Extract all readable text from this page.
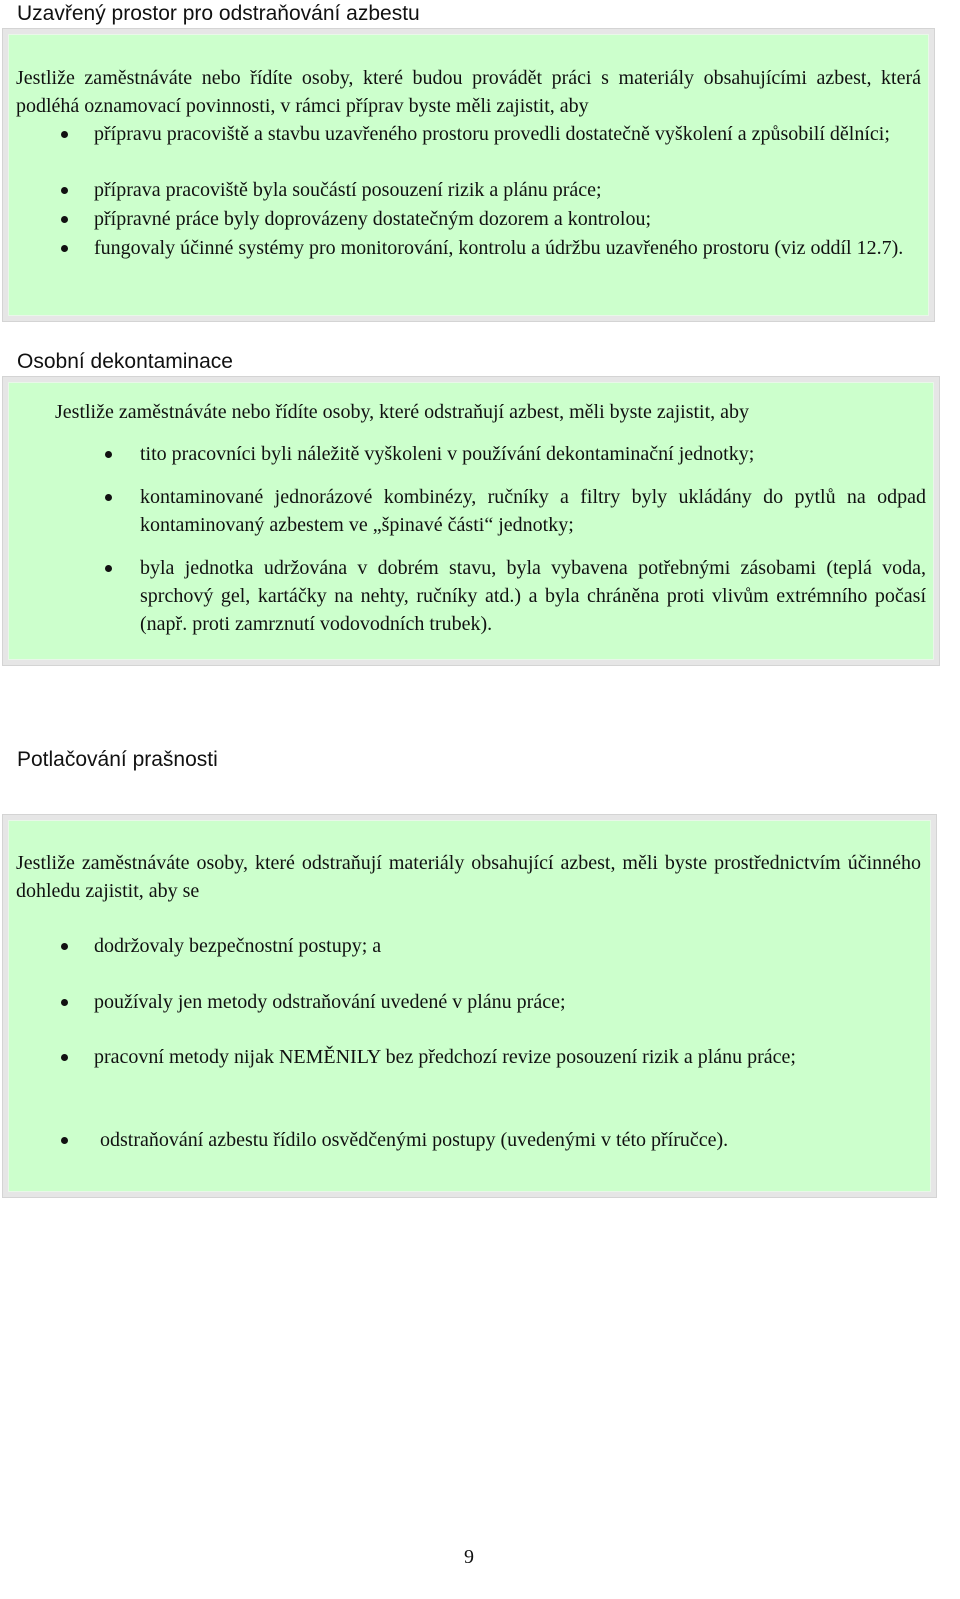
Uzavřený prostor pro odstraňování azbestu

Jestliže zaměstnáváte nebo řídíte osoby, které budou provádět práci s materiály obsahujícími azbest, která podléhá oznamovací povinnosti, v rámci příprav byste měli zajistit, aby

přípravu pracoviště a stavbu uzavřeného prostoru provedli dostatečně vyškolení a způsobilí dělníci;
příprava pracoviště byla součástí posouzení rizik a plánu práce;
přípravné práce byly doprovázeny dostatečným dozorem a kontrolou;
fungovaly účinné systémy pro monitorování, kontrolu a údržbu uzavřeného prostoru (viz oddíl 12.7).
Osobní dekontaminace

Jestliže zaměstnáváte nebo řídíte osoby, které odstraňují azbest, měli byste zajistit, aby

tito pracovníci byli náležitě vyškoleni v používání dekontaminační jednotky;
kontaminované jednorázové kombinézy, ručníky a filtry byly ukládány do pytlů na odpad kontaminovaný azbestem ve „špinavé části“ jednotky;
byla jednotka udržována v dobrém stavu, byla vybavena potřebnými zásobami (teplá voda, sprchový gel, kartáčky na nehty, ručníky atd.) a byla chráněna proti vlivům extrémního počasí (např. proti zamrznutí vodovodních trubek).
Potlačování prašnosti

Jestliže zaměstnáváte osoby, které odstraňují materiály obsahující azbest, měli byste prostřednictvím účinného dohledu zajistit, aby se

dodržovaly bezpečnostní postupy; a
používaly jen metody odstraňování uvedené v plánu práce;
pracovní metody nijak NEMĚNILY bez předchozí revize posouzení rizik a plánu práce;
odstraňování azbestu řídilo osvědčenými postupy (uvedenými v této příručce).
9
